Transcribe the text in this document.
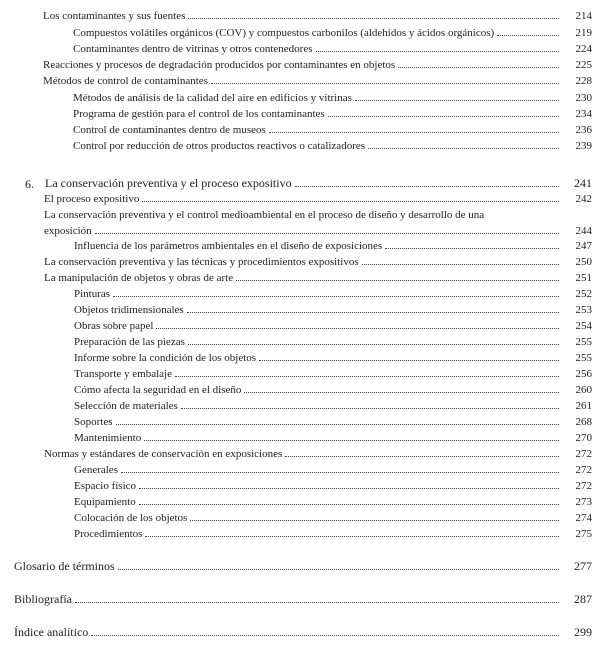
Los contaminantes y sus fuentes	214
Compuestos volátiles orgánicos (COV) y compuestos carbonilos (aldehídos y ácidos orgánicos)	219
Contaminantes dentro de vitrinas y otros contenedores	224
Reacciones y procesos de degradación producidos por contaminantes en objetos	225
Métodos de control de contaminantes	228
Métodos de análisis de la calidad del aire en edificios y vitrinas	230
Programa de gestión para el control de los contaminantes	234
Control de contaminantes dentro de museos	236
Control por reducción de otros productos reactivos o catalizadores	239
6. La conservación preventiva y el proceso expositivo	241
El proceso expositivo	242
La conservación preventiva y el control medioambiental en el proceso de diseño y desarrollo de una
exposición	244
Influencia de los parámetros ambientales en el diseño de exposiciones	247
La conservación preventiva y las técnicas y procedimientos expositivos	250
La manipulación de objetos y obras de arte	251
Pinturas	252
Objetos tridimensionales	253
Obras sobre papel	254
Preparación de las piezas	255
Informe sobre la condición de los objetos	255
Transporte y embalaje	256
Cómo afecta la seguridad en el diseño	260
Selección de materiales	261
Soportes	268
Mantenimiento	270
Normas y estándares de conservación en exposiciones	272
Generales	272
Espacio físico	272
Equipamiento	273
Colocación de los objetos	274
Procedimientos	275
Glosario de términos	277
Bibliografía	287
Índice analítico	299
